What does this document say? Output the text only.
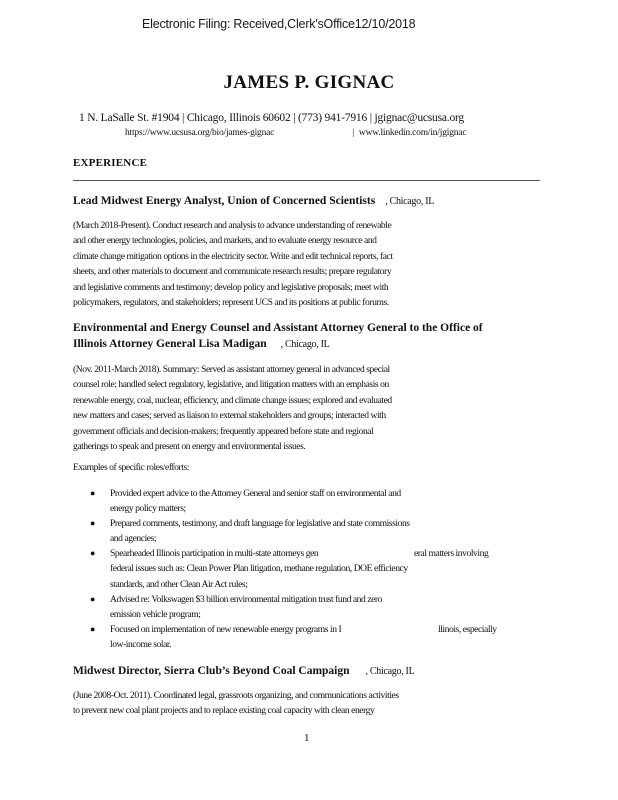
Electronic Filing: Received,Clerk'sOffice12/10/2018
JAMES P. GIGNAC
1 N. LaSalle St. #1904 | Chicago, Illinois 60602 | (773) 941-7916 | jgignac@ucsusa.org
https://www.ucsusa.org/bio/james-gignac	| www.linkedin.com/in/jgignac
EXPERIENCE
Lead Midwest Energy Analyst, Union of Concerned Scientists , Chicago, IL
(March 2018-Present). Conduct research and analysis to advance understanding of renewable
and other energy technologies, policies, and markets, and to evaluate energy resource and
climate change mitigation options in the electricity sector. Write and edit technical reports, fact
sheets, and other materials to document and communicate research results; prepare regulatory
and legislative comments and testimony; develop policy and legislative proposals; meet with
policymakers, regulators, and stakeholders; represent UCS and its positions at public forums.
Environmental and Energy Counsel and Assistant Attorney General to the Office of
Illinois Attorney General Lisa Madigan , Chicago, IL
(Nov. 2011-March 2018). Summary: Served as assistant attorney general in advanced special
counsel role; handled select regulatory, legislative, and litigation matters with an emphasis on
renewable energy, coal, nuclear, efficiency, and climate change issues; explored and evaluated
new matters and cases; served as liaison to external stakeholders and groups; interacted with
government officials and decision-makers; frequently appeared before state and regional
gatherings to speak and present on energy and environmental issues.
Examples of specific roles/efforts:
● Provided expert advice to the Attorney General and senior staff on environmental and
energy policy matters;
● Prepared comments, testimony, and draft language for legislative and state commissions
and agencies;
● Spearheaded Illinois participation in multi-state attorneys gen	eral matters involving
federal issues such as: Clean Power Plan litigation, methane regulation, DOE efficiency
standards, and other Clean Air Act rules;
● Advised re: Volkswagen $3 billion environmental mitigation trust fund and zero
emission vehicle program;
● Focused on implementation of new renewable energy programs in I	llinois, especially
low-income solar.
Midwest Director, Sierra Club’s Beyond Coal Campaign , Chicago, IL
(June 2008-Oct. 2011). Coordinated legal, grassroots organizing, and communications activities
to prevent new coal plant projects and to replace existing coal capacity with clean energy
1
